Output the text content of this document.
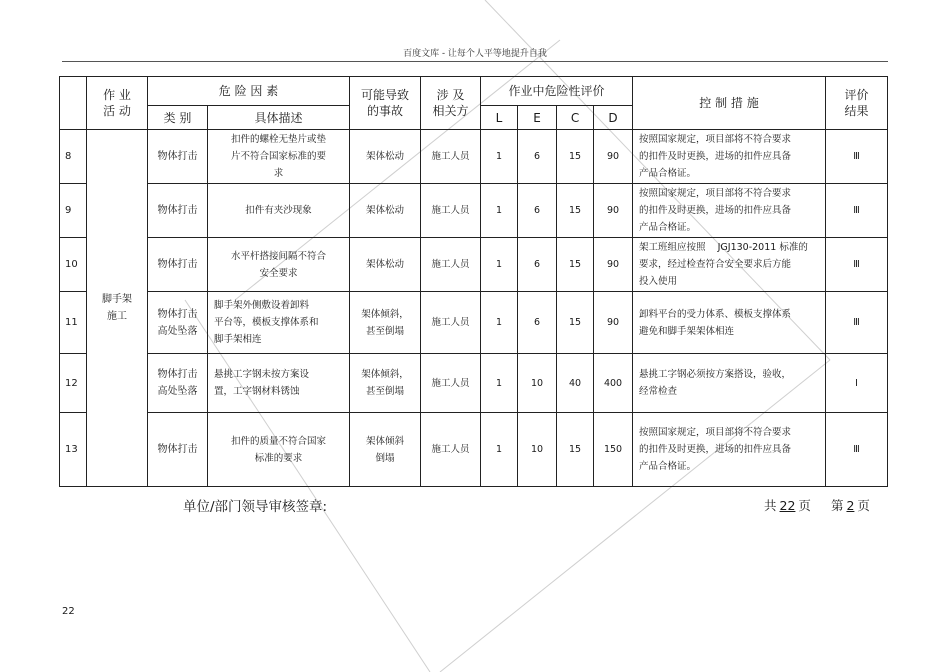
百度文库 - 让每个人平等地提升自我
	作 业
活 动	危 险 因 素		可能导致
的事故	涉 及
相关方	作业中危险性评价				控 制 措 施	评价
结果
		类 别	具体描述			L	E	C	D		
8	脚手架
施工	物体打击	扣件的螺栓无垫片或垫
片不符合国家标准的要
求	架体松动	施工人员	1	6	15	90	按照国家规定，项目部将不符合要求
的扣件及时更换，进场的扣件应具备
产品合格证。	Ⅲ
9		物体打击	扣件有夹沙现象	架体松动	施工人员	1	6	15	90	按照国家规定，项目部将不符合要求
的扣件及时更换，进场的扣件应具备
产品合格证。	Ⅲ
10		物体打击	水平杆搭接间隔不符合
安全要求	架体松动	施工人员	1	6	15	90	架工班组应按照    JGJ130-2011 标准的
要求，经过检查符合安全要求后方能
投入使用	Ⅲ
11		物体打击
高处坠落	脚手架外侧敷设着卸料
平台等，模板支撑体系和
脚手架相连	架体倾斜，
甚至倒塌	施工人员	1	6	15	90	卸料平台的受力体系、模板支撑体系
避免和脚手架架体相连	Ⅲ
12		物体打击
高处坠落	悬挑工字钢未按方案设
置，工字钢材料锈蚀	架体倾斜，
甚至倒塌	施工人员	1	10	40	400	悬挑工字钢必须按方案搭设，验收，
经常检查	Ⅰ
13		物体打击	扣件的质量不符合国家
标准的要求	架体倾斜
倒塌	施工人员	1	10	15	150	按照国家规定，项目部将不符合要求
的扣件及时更换，进场的扣件应具备
产品合格证。	Ⅲ
单位/部门领导审核签章:	共 22 页 第 2 页
22
